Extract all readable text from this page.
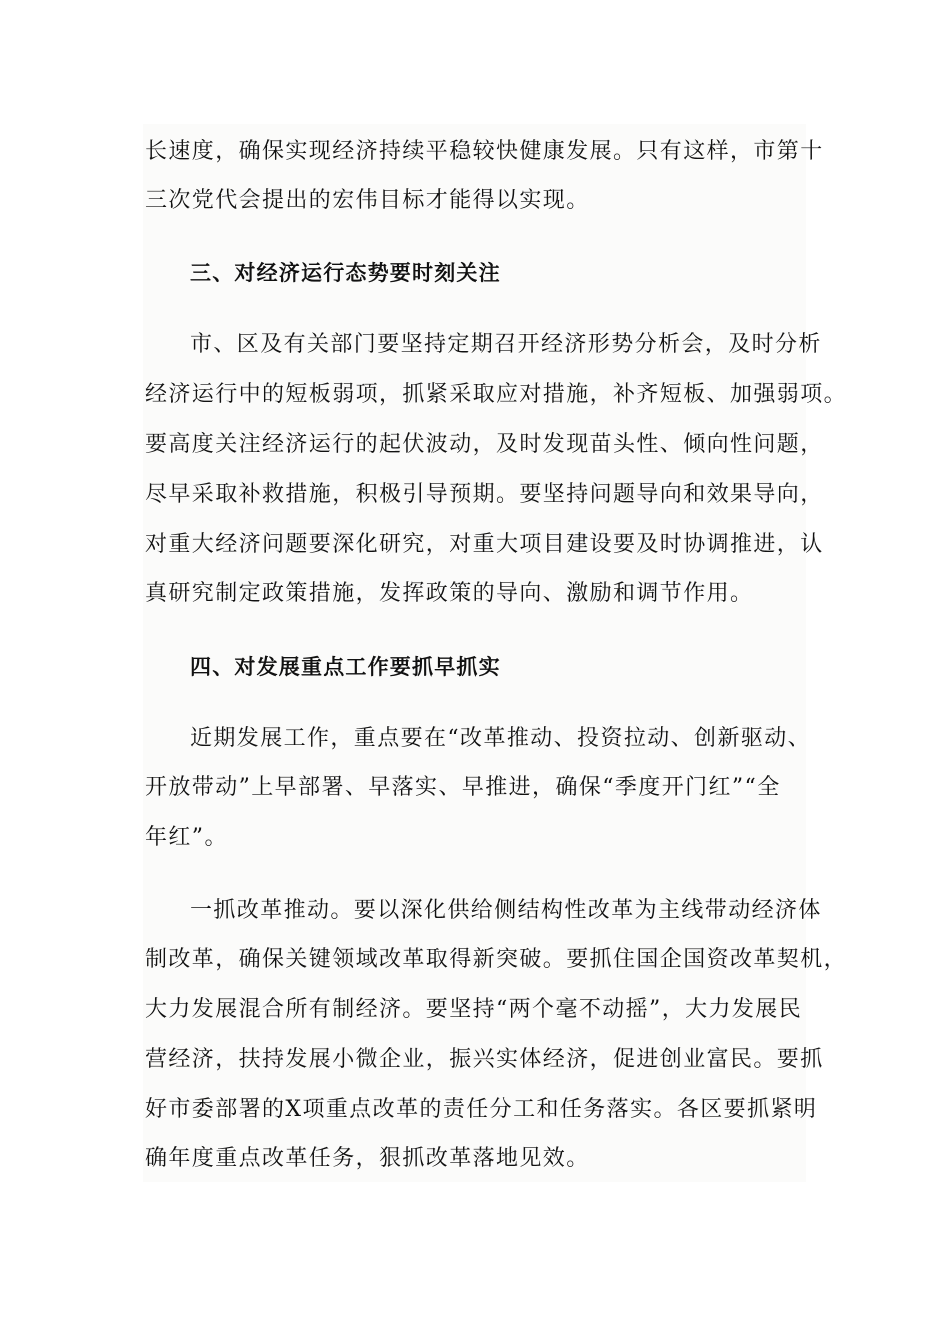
长速度，确保实现经济持续平稳较快健康发展。只有这样，市第十
三次党代会提出的宏伟目标才能得以实现。
三、对经济运行态势要时刻关注
市、区及有关部门要坚持定期召开经济形势分析会，及时分析
经济运行中的短板弱项，抓紧采取应对措施，补齐短板、加强弱项。
要高度关注经济运行的起伏波动，及时发现苗头性、倾向性问题，
尽早采取补救措施，积极引导预期。要坚持问题导向和效果导向，
对重大经济问题要深化研究，对重大项目建设要及时协调推进，认
真研究制定政策措施，发挥政策的导向、激励和调节作用。
四、对发展重点工作要抓早抓实
近期发展工作，重点要在“改革推动、投资拉动、创新驱动、
开放带动”上早部署、早落实、早推进，确保“季度开门红”“全
年红”。
一抓改革推动。要以深化供给侧结构性改革为主线带动经济体
制改革，确保关键领域改革取得新突破。要抓住国企国资改革契机，
大力发展混合所有制经济。要坚持“两个毫不动摇”，大力发展民
营经济，扶持发展小微企业，振兴实体经济，促进创业富民。要抓
好市委部署的X项重点改革的责任分工和任务落实。各区要抓紧明
确年度重点改革任务，狠抓改革落地见效。
